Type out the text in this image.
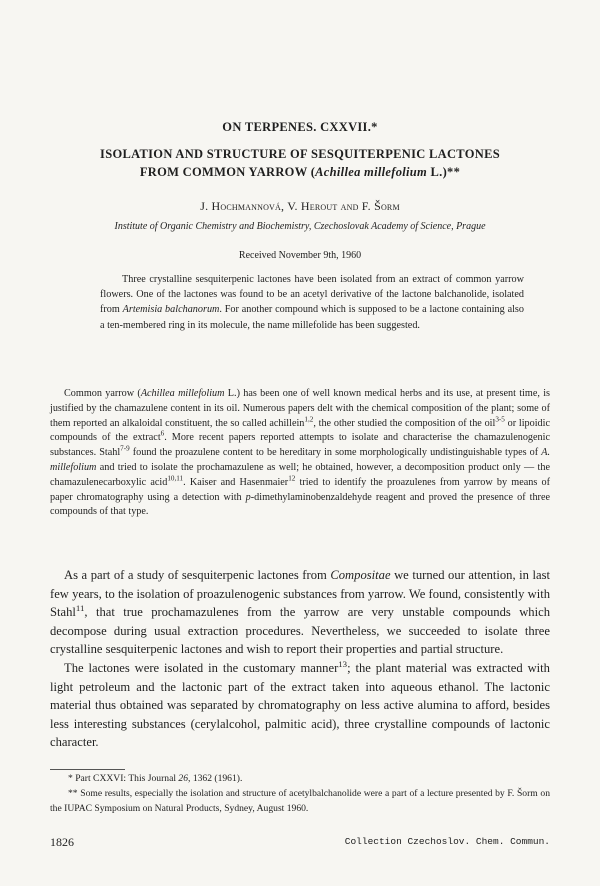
ON TERPENES. CXXVII.*
ISOLATION AND STRUCTURE OF SESQUITERPENIC LACTONES
FROM COMMON YARROW (Achillea millefolium L.)**
J. Hochmannová, V. Herout and F. Šorm
Institute of Organic Chemistry and Biochemistry, Czechoslovak Academy of Science, Prague
Received November 9th, 1960

Three crystalline sesquiterpenic lactones have been isolated from an extract of common yarrow flowers. One of the lactones was found to be an acetyl derivative of the lactone balchanolide, isolated from Artemisia balchanorum. For another compound which is supposed to be a lactone containing also a ten-membered ring in its molecule, the name millefolide has been suggested.

Common yarrow (Achillea millefolium L.) has been one of well known medical herbs and its use, at present time, is justified by the chamazulene content in its oil. Numerous papers delt with the chemical composition of the plant; some of them reported an alkaloidal constituent, the so called achillein$^{1,2}$, the other studied the composition of the oil$^{3-5}$ or lipoidic compounds of the extract$^6$. More recent papers reported attempts to isolate and characterise the chamazulenogenic substances. Stahl$^{7-9}$ found the proazulene content to be hereditary in some morphologically undistinguishable types of A. millefolium and tried to isolate the prochamazulene as well; he obtained, however, a decomposition product only — the chamazulenecarboxylic acid$^{10,11}$. Kaiser and Hasenmaier$^{12}$ tried to identify the proazulenes from yarrow by means of paper chromatography using a detection with p-dimethylaminobenzaldehyde reagent and proved the presence of three compounds of that type.

As a part of a study of sesquiterpenic lactones from Compositae we turned our attention, in last few years, to the isolation of proazulenogenic substances from yarrow. We found, consistently with Stahl$^{11}$, that true prochamazulenes from the yarrow are very unstable compounds which decompose during usual extraction procedures. Nevertheless, we succeeded to isolate three crystalline sesquiterpenic lactones and wish to report their properties and partial structure.

The lactones were isolated in the customary manner$^{13}$; the plant material was extracted with light petroleum and the lactonic part of the extract taken into aqueous ethanol. The lactonic material thus obtained was separated by chromatography on less active alumina to afford, besides less interesting substances (cerylalcohol, palmitic acid), three crystalline compounds of lactonic character.

* Part CXXVI: This Journal 26, 1362 (1961).

** Some results, especially the isolation and structure of acetylbalchanolide were a part of a lecture presented by F. Šorm on the IUPAC Symposium on Natural Products, Sydney, August 1960.

1826	Collection Czechoslov. Chem. Commun.
